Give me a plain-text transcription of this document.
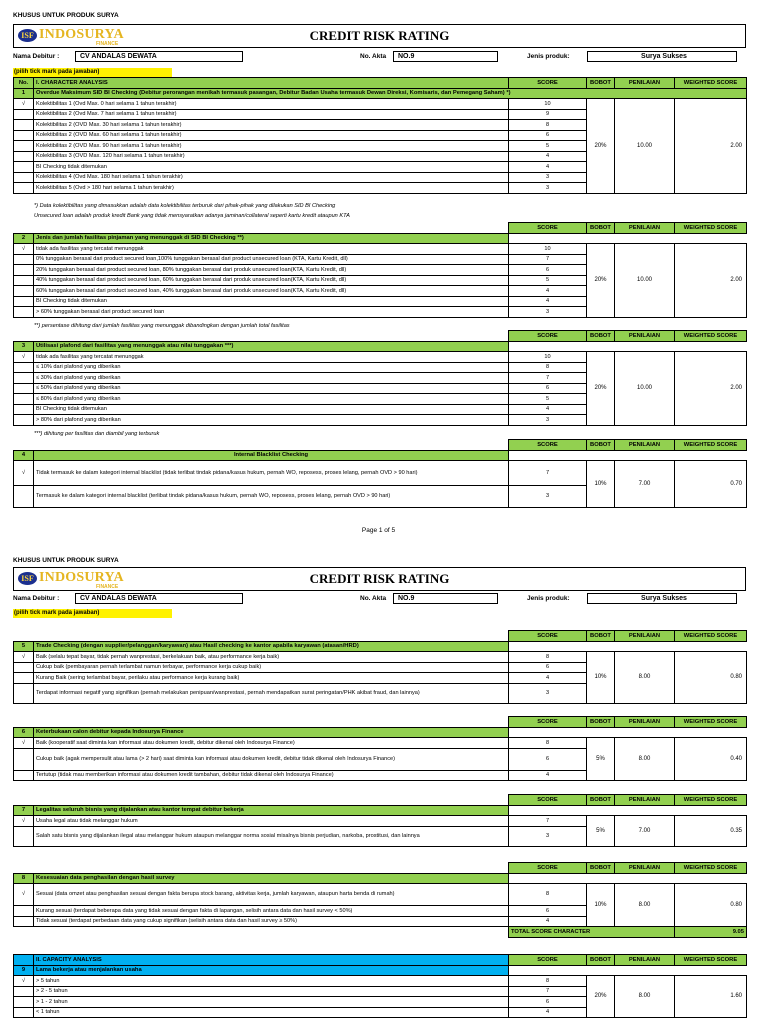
KHUSUS UNTUK PRODUK SURYA
ISF INDOSURYA
FINANCE
CREDIT RISK RATING
Nama Debitur :	CV ANDALAS DEWATA	No. Akta	NO.9	Jenis produk:	Surya Sukses
(pilih tick mark pada jawaban)
No.	I. CHARACTER ANALYSIS	SCORE	BOBOT	PENILAIAN	WEIGHTED SCORE
1	Overdue Maksimum SID BI Checking (Debitur perorangan menikah termasuk pasangan, Debitur Badan Usaha termasuk Dewan Direksi, Komisaris, dan Pemegang Saham) *)				
√	Kolektibilitas 1 (Ovd Max. 0 hari selama 1 tahun terakhir)	10	20%	10.00	2.00
	Kolektibilitas 2 (Ovd Max. 7 hari selama 1 tahun terakhir)	9			
	Kolektibilitas 2 (OVD Max. 30 hari selama 1 tahun terakhir)	8			
	Kolektibilitas 2 (OVD Max. 60 hari selama 1 tahun terakhir)	6			
	Kolektibilitas 2 (OVD Max. 90 hari selama 1 tahun terakhir)	5			
	Kolektibilitas 3 (OVD Max. 120 hari selama 1 tahun terakhir)	4			
	BI Checking tidak ditemukan	4			
	Kolektibilitas 4 (Ovd Max. 180 hari selama 1 tahun terakhir)	3			
	Kolektibilitas 5 (Ovd > 180 hari selama 1 tahun terakhir)	3			
*) Data kolektibilitas yang dimasukkan adalah data kolektibilitas terburuk dari pihak-pihak yang dilakukan SID BI Checking
Unsecured loan adalah produk kredit Bank yang tidak mensyaratkan adanya jaminan/collateral seperti kartu kredit ataupun KTA
		SCORE	BOBOT	PENILAIAN	WEIGHTED SCORE
2	Jenis dan jumlah fasilitas pinjaman yang menunggak di SID BI Checking **)				
√	tidak ada fasilitas yang tercatat menunggak	10	20%	10.00	2.00
	0% tunggakan berasal dari product secured loan,100% tunggakan berasal dari product unsecured loan (KTA, Kartu Kredit, dll)	7			
	20% tunggakan berasal dari product secured loan, 80% tunggakan berasal dari produk unsecured loan(KTA, Kartu Kredit, dll)	6			
	40% tunggakan berasal dari product secured loan, 60% tunggakan berasal dari produk unsecured loan(KTA, Kartu Kredit, dll)	5			
	60% tunggakan berasal dari product secured loan, 40% tunggakan berasal dari produk unsecured loan(KTA, Kartu Kredit, dll)	4			
	BI Checking tidak ditemukan	4			
	> 60% tunggakan berasal dari product secured loan	3			
**) persentase dihitung dari jumlah fasilitas yang menunggak dibandingkan dengan jumlah total fasilitas
		SCORE	BOBOT	PENILAIAN	WEIGHTED SCORE
3	Utilisasi plafond dari fasilitas yang menunggak atau nilai tunggakan ***)				
√	tidak ada fasilitas yang tercatat menunggak	10	20%	10.00	2.00
	≤ 10% dari plafond yang diberikan	8			
	≤ 30% dari plafond yang diberikan	7			
	≤ 50% dari plafond yang diberikan	6			
	≤ 80% dari plafond yang diberikan	5			
	BI Checking tidak ditemukan	4			
	> 80% dari plafond yang diberikan	3			
***) dihitung per fasilitas dan diambil yang terburuk
		SCORE	BOBOT	PENILAIAN	WEIGHTED SCORE
4	Internal Blacklist Checking				
√	Tidak termasuk ke dalam kategori internal blacklist (tidak terlibat tindak pidana/kasus hukum, pernah WO, reposess, proses lelang, pernah OVD > 90 hari)	7	10%	7.00	0.70
	Termasuk ke dalam kategori internal blacklist (terlibat tindak pidana/kasus hukum, pernah WO, reposess, proses lelang, pernah OVD > 90 hari)	3			
Page 1 of 5
KHUSUS UNTUK PRODUK SURYA
ISF INDOSURYA
FINANCE
CREDIT RISK RATING
Nama Debitur :	CV ANDALAS DEWATA	No. Akta	NO.9	Jenis produk:	Surya Sukses
(pilih tick mark pada jawaban)
		SCORE	BOBOT	PENILAIAN	WEIGHTED SCORE
5	Trade Checking (dengan supplier/pelanggan/karyawan) atau Hasil checking ke kantor apabila karyawan (atasan/HRD)				
√	Baik (selalu tepat bayar, tidak pernah wanprestasi, berkelakuan baik, atau performance kerja baik)	8	10%	8.00	0.80
	Cukup baik (pembayaran pernah terlambat namun terbayar, performance kerja cukup baik)	6			
	Kurang Baik (sering terlambat bayar, perilaku atau performance kerja kurang baik)	4			
	Terdapat informasi negatif yang signifikan (pernah melakukan penipuan/wanprestasi, pernah mendapatkan surat peringatan/PHK akibat fraud, dan lainnya)	3			
		SCORE	BOBOT	PENILAIAN	WEIGHTED SCORE
6	Keterbukaan calon debitur kepada Indosurya Finance				
√	Baik (kooperatif saat diminta kan informasi atau dokumen kredit, debitur dikenal oleh Indosurya Finance)	8	5%	8.00	0.40
	Cukup baik (agak mempersulit atau lama (> 2 hari) saat diminta kan informasi atau dokumen kredit, debitur tidak dikenal oleh Indosurya Finance)	6			
	Tertutup (tidak mau memberikan informasi atau dokumen kredit tambahan, debitur tidak dikenal oleh Indosurya Finance)	4			
		SCORE	BOBOT	PENILAIAN	WEIGHTED SCORE
7	Legalitas seluruh bisnis yang dijalankan atau kantor tempat debitur bekerja				
√	Usaha legal atau tidak melanggar hukum	7	5%	7.00	0.35
	Salah satu bisnis yang dijalankan ilegal atau melanggar hukum ataupun melanggar norma sosial misalnya bisnis perjudian, narkoba, prostitusi, dan lainnya	3			
		SCORE	BOBOT	PENILAIAN	WEIGHTED SCORE
8	Kesesuaian data penghasilan dengan hasil survey				
√	Sesuai (data omzet atau penghasilan sesuai dengan fakta berupa stock barang, aktivitas kerja, jumlah karyawan, ataupun harta benda di rumah)	8	10%	8.00	0.80
	Kurang sesuai (terdapat beberapa data yang tidak sesuai dengan fakta di lapangan, selisih antara data dan hasil survey < 50%)	6			
	Tidak sesuai (terdapat perbedaan data yang cukup signifikan (selisih antara data dan hasil survey ≥ 50%)	4			
		TOTAL SCORE CHARACTER			9.05
	II. CAPACITY ANALYSIS	SCORE	BOBOT	PENILAIAN	WEIGHTED SCORE
9	Lama bekerja atau menjalankan usaha				
√	> 5 tahun	8	20%	8.00	1.60
	> 2 - 5 tahun	7			
	> 1 - 2 tahun	6			
	< 1 tahun	4			
